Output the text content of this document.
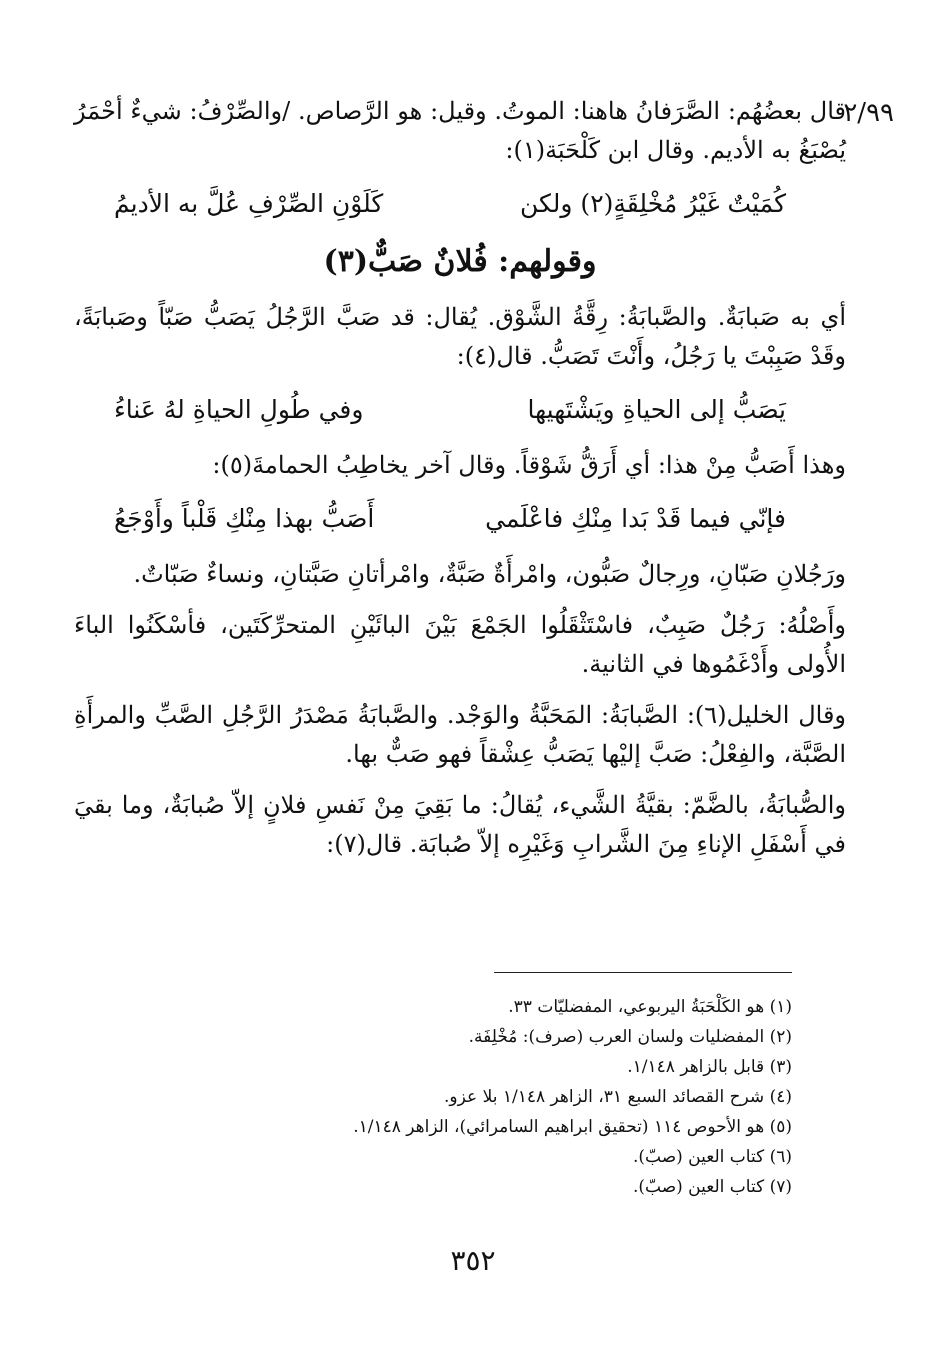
٢/٩٩

قال بعضُهُم: الصَّرَفانُ هاهنا: الموتُ. وقيل: هو الرَّصاص. /والصِّرْفُ: شيءٌ أحْمَرُ يُصْبَغُ به الأديم. وقال ابن كَلْحَبَة(١):

كُمَيْتٌ غَيْرُ مُخْلِقَةٍ(٢) ولكن
كَلَوْنِ الصِّرْفِ عُلَّ به الأديمُ
وقولهم: فُلانٌ صَبٌّ(٣)

أي به صَبابَةٌ. والصَّبابَةُ: رِقَّةُ الشَّوْق. يُقال: قد صَبَّ الرَّجُلُ يَصَبُّ صَبّاً وصَبابَةً، وقَدْ صَبِبْتَ يا رَجُلُ، وأَنْتَ تَصَبُّ. قال(٤):

يَصَبُّ إلى الحياةِ ويَشْتَهيها
وفي طُولِ الحياةِ لهُ عَناءُ

وهذا أَصَبُّ مِنْ هذا: أي أَرَقُّ شَوْقاً. وقال آخر يخاطِبُ الحمامةَ(٥):

فإنّي فيما قَدْ بَدا مِنْكِ فاعْلَمي
أَصَبُّ بهذا مِنْكِ قَلْباً وأَوْجَعُ

ورَجُلانِ صَبّانِ، ورِجالٌ صَبُّون، وامْرأَةٌ صَبَّةٌ، وامْرأتانِ صَبَّتانِ، ونساءٌ صَبّاتٌ.

وأَصْلُهُ: رَجُلٌ صَبِبٌ، فاسْتَثْقَلُوا الجَمْعَ بَيْنَ البائَيْنِ المتحرِّكَتَين، فأسْكَنُوا الباءَ الأُولى وأَدْغَمُوها في الثانية.

وقال الخليل(٦): الصَّبابَةُ: المَحَبَّةُ والوَجْد. والصَّبابَةُ مَصْدَرُ الرَّجُلِ الصَّبِّ والمرأَةِ الصَّبَّة، والفِعْلُ: صَبَّ إليْها يَصَبُّ عِشْقاً فهو صَبٌّ بها.

والصُّبابَةُ، بالضَّمّ: بقيَّةُ الشَّيء، يُقالُ: ما بَقِيَ مِنْ نَفسِ فلانٍ إلاّ صُبابَةٌ، وما بقيَ في أَسْفَلِ الإناءِ مِنَ الشَّرابِ وَغَيْرِه إلاّ صُبابَة. قال(٧):

(١) هو الكَلْحَبَةُ اليربوعي، المفضليّات ٣٣.
(٢) المفضليات ولسان العرب (صرف): مُخْلِفَة.
(٣) قابل بالزاهر ١/١٤٨.
(٤) شرح القصائد السبع ٣١، الزاهر ١/١٤٨ بلا عزو.
(٥) هو الأحوص ١١٤ (تحقيق ابراهيم السامرائي)، الزاهر ١/١٤٨.
(٦) كتاب العين (صبّ).
(٧) كتاب العين (صبّ).
٣٥٢
